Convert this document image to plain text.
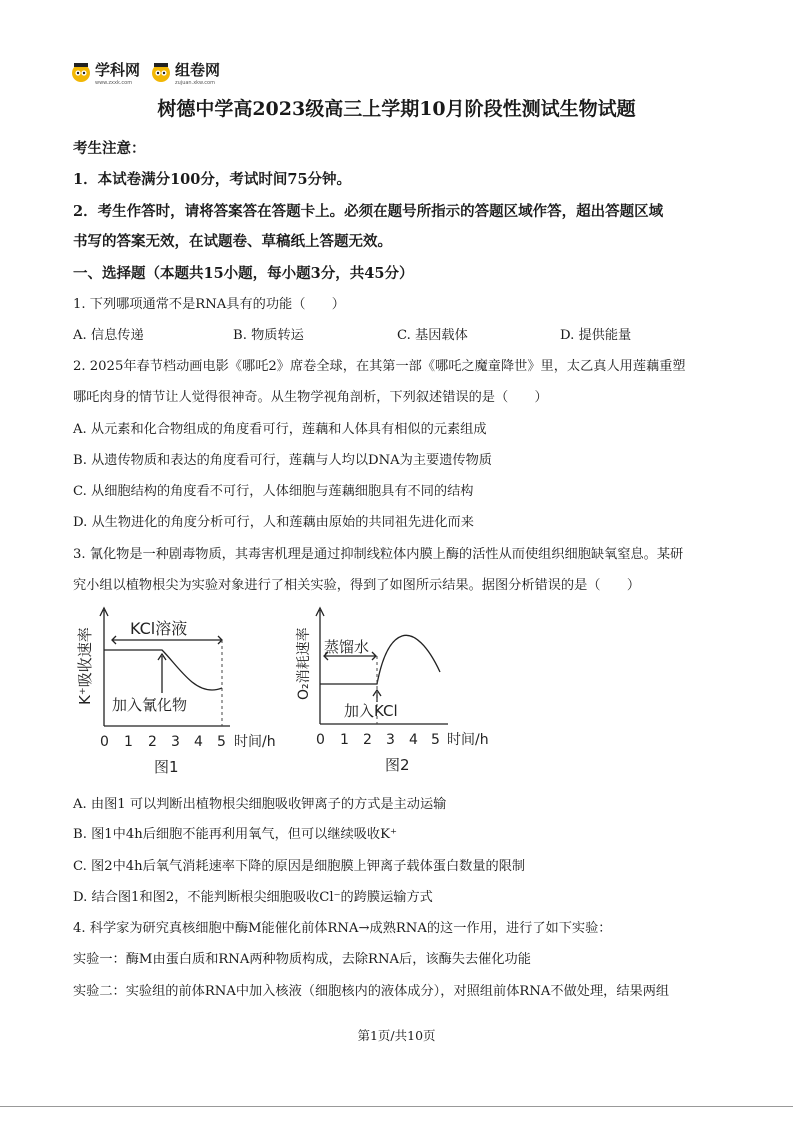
学科网
www.zxxk.com
组卷网
zujuan.xkw.com
树德中学高2023级高三上学期10月阶段性测试生物试题
考生注意：
1．本试卷满分100分，考试时间75分钟。
2．考生作答时，请将答案答在答题卡上。必须在题号所指示的答题区域作答，超出答题区域
书写的答案无效，在试题卷、草稿纸上答题无效。
一、选择题（本题共15小题，每小题3分，共45分）
1. 下列哪项通常不是RNA具有的功能（　　）
A. 信息传递	B. 物质转运	C. 基因载体	D. 提供能量
2. 2025年春节档动画电影《哪吒2》席卷全球，在其第一部《哪吒之魔童降世》里，太乙真人用莲藕重塑
哪吒肉身的情节让人觉得很神奇。从生物学视角剖析，下列叙述错误的是（　　）
A. 从元素和化合物组成的角度看可行，莲藕和人体具有相似的元素组成
B. 从遗传物质和表达的角度看可行，莲藕与人均以DNA为主要遗传物质
C. 从细胞结构的角度看不可行，人体细胞与莲藕细胞具有不同的结构
D. 从生物进化的角度分析可行，人和莲藕由原始的共同祖先进化而来
3. 氰化物是一种剧毒物质，其毒害机理是通过抑制线粒体内膜上酶的活性从而使组织细胞缺氧窒息。某研
究小组以植物根尖为实验对象进行了相关实验，得到了如图所示结果。据图分析错误的是（　　）
K⁺吸收速率 KCl溶液
加入氰化物
0 1 2 3 4 5 时间/h
图1
O₂消耗速率 蒸馏水
加入KCl
0 1 2 3 4 5 时间/h
图2
A. 由图1 可以判断出植物根尖细胞吸收钾离子的方式是主动运输
B. 图1中4h后细胞不能再利用氧气，但可以继续吸收K⁺
C. 图2中4h后氧气消耗速率下降的原因是细胞膜上钾离子载体蛋白数量的限制
D. 结合图1和图2，不能判断根尖细胞吸收Cl⁻的跨膜运输方式
4. 科学家为研究真核细胞中酶M能催化前体RNA→成熟RNA的这一作用，进行了如下实验：
实验一：酶M由蛋白质和RNA两种物质构成，去除RNA后，该酶失去催化功能
实验二：实验组的前体RNA中加入核液（细胞核内的液体成分），对照组前体RNA不做处理，结果两组
第1页/共10页
